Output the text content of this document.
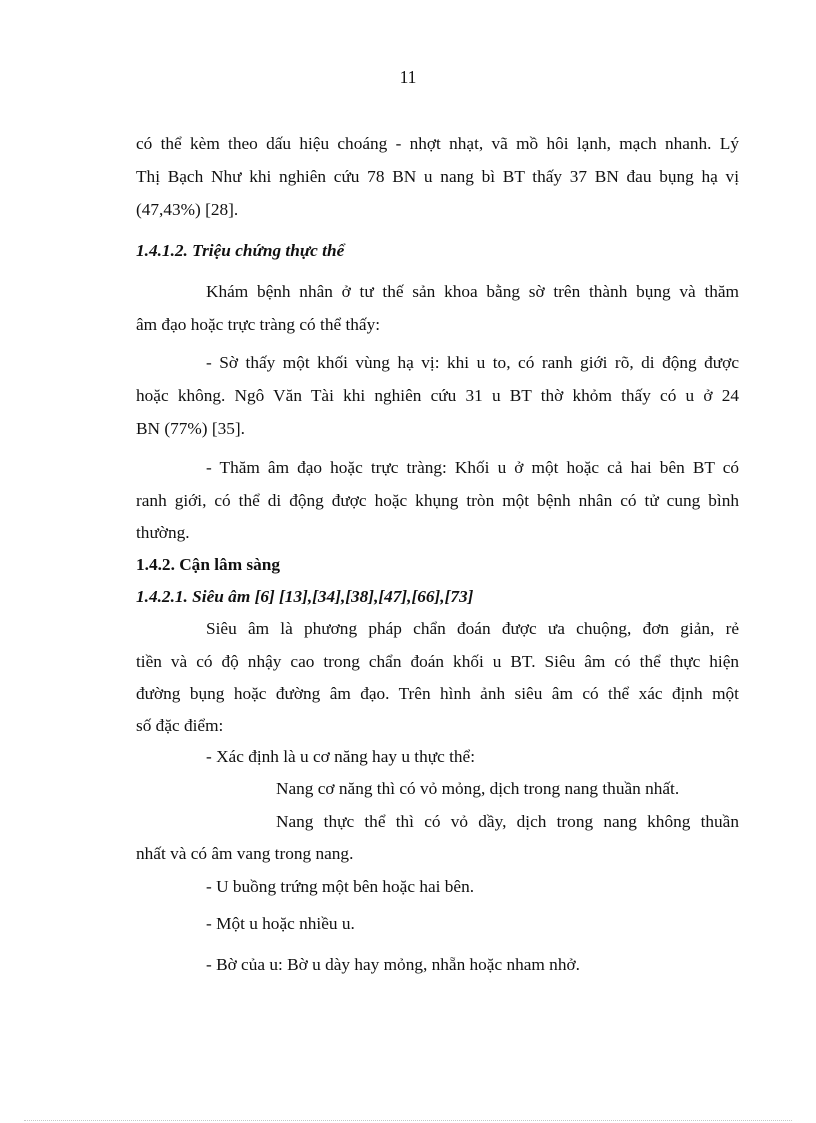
11
có thể kèm theo dấu hiệu choáng - nhợt nhạt, vã mồ hôi lạnh, mạch nhanh. Lý
Thị Bạch Như khi nghiên cứu 78 BN u nang bì BT thấy 37 BN đau bụng hạ vị
(47,43%) [28].
1.4.1.2. Triệu chứng thực thể
Khám bệnh nhân ở tư thế sản khoa bằng sờ trên thành bụng và thăm
âm đạo hoặc trực tràng có thể thấy:
- Sờ thấy một khối vùng hạ vị: khi u to, có ranh giới rõ, di động được
hoặc không. Ngô Văn Tài khi nghiên cứu 31 u BT thờ khỏm thấy có u ở 24
BN (77%) [35].
- Thăm âm đạo hoặc trực tràng: Khối u ở một hoặc cả hai bên BT có
ranh giới, có thể di động được hoặc khụng tròn một bệnh nhân có tử cung bình
thường.
1.4.2. Cận lâm sàng
1.4.2.1. Siêu âm [6] [13],[34],[38],[47],[66],[73]
Siêu âm là phương pháp chẩn đoán được ưa chuộng, đơn giản, rẻ
tiền và có độ nhậy cao trong chẩn đoán khối u BT. Siêu âm có thể thực hiện
đường bụng hoặc đường âm đạo. Trên hình ảnh siêu âm có thể xác định một
số đặc điểm:
- Xác định là u cơ năng hay u thực thể:
Nang cơ năng thì có vỏ mỏng, dịch trong nang thuần nhất.
Nang thực thể thì có vỏ dầy, dịch trong nang không thuần
nhất và có âm vang trong nang.
- U buồng trứng một bên hoặc hai bên.
- Một u hoặc nhiều u.
- Bờ của u: Bờ u dày hay mỏng, nhẵn hoặc nham nhở.
